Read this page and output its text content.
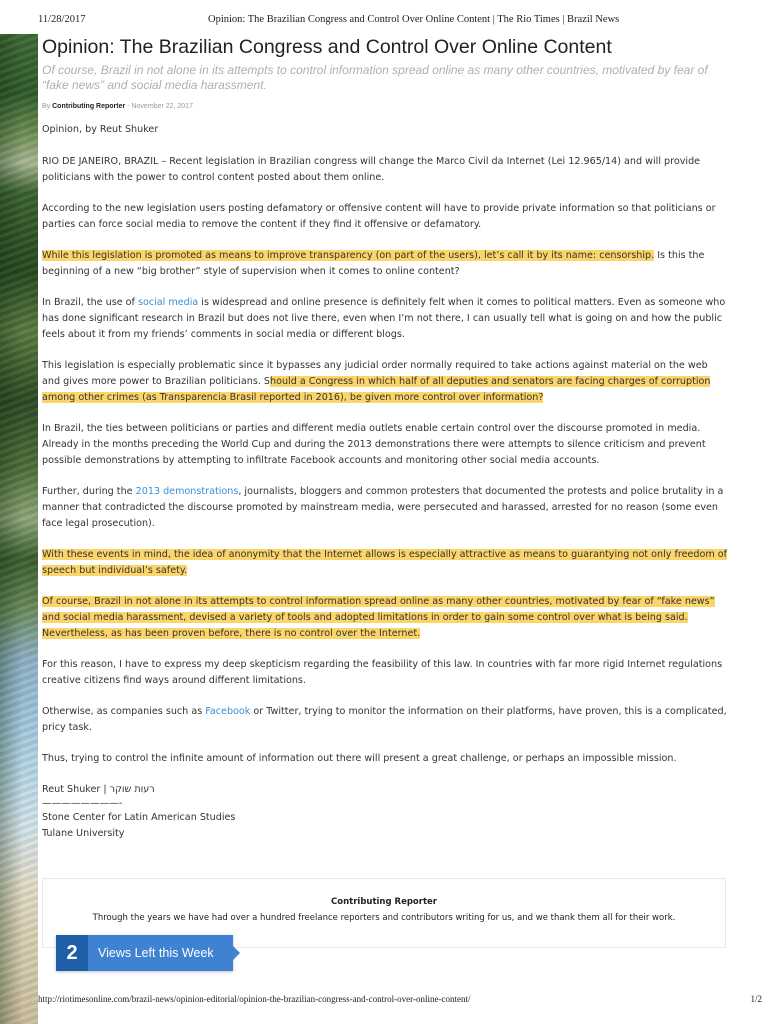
11/28/2017	Opinion: The Brazilian Congress and Control Over Online Content | The Rio Times | Brazil News
Opinion: The Brazilian Congress and Control Over Online Content

Of course, Brazil in not alone in its attempts to control information spread online as many other countries, motivated by fear of “fake news” and social media harassment.

By Contributing Reporter - November 22, 2017

Opinion, by Reut Shuker

RIO DE JANEIRO, BRAZIL – Recent legislation in Brazilian congress will change the Marco Civil da Internet (Lei 12.965/14) and will provide politicians with the power to control content posted about them online.

According to the new legislation users posting defamatory or offensive content will have to provide private information so that politicians or parties can force social media to remove the content if they find it offensive or defamatory.

While this legislation is promoted as means to improve transparency (on part of the users), let’s call it by its name: censorship. Is this the beginning of a new “big brother” style of supervision when it comes to online content?

In Brazil, the use of social media is widespread and online presence is definitely felt when it comes to political matters. Even as someone who has done significant research in Brazil but does not live there, even when I’m not there, I can usually tell what is going on and how the public feels about it from my friends’ comments in social media or different blogs.

This legislation is especially problematic since it bypasses any judicial order normally required to take actions against material on the web and gives more power to Brazilian politicians. Should a Congress in which half of all deputies and senators are facing charges of corruption among other crimes (as Transparencia Brasil reported in 2016), be given more control over information?

In Brazil, the ties between politicians or parties and different media outlets enable certain control over the discourse promoted in media. Already in the months preceding the World Cup and during the 2013 demonstrations there were attempts to silence criticism and prevent possible demonstrations by attempting to infiltrate Facebook accounts and monitoring other social media accounts.

Further, during the 2013 demonstrations, journalists, bloggers and common protesters that documented the protests and police brutality in a manner that contradicted the discourse promoted by mainstream media, were persecuted and harassed, arrested for no reason (some even face legal prosecution).

With these events in mind, the idea of anonymity that the Internet allows is especially attractive as means to guarantying not only freedom of speech but individual’s safety.

Of course, Brazil in not alone in its attempts to control information spread online as many other countries, motivated by fear of “fake news” and social media harassment, devised a variety of tools and adopted limitations in order to gain some control over what is being said. Nevertheless, as has been proven before, there is no control over the Internet.

For this reason, I have to express my deep skepticism regarding the feasibility of this law. In countries with far more rigid Internet regulations creative citizens find ways around different limitations.

Otherwise, as companies such as Facebook or Twitter, trying to monitor the information on their platforms, have proven, this is a complicated, pricy task.

Thus, trying to control the infinite amount of information out there will present a great challenge, or perhaps an impossible mission.

Reut Shuker | רעות שוקר

————————-

Stone Center for Latin American Studies

Tulane University

Contributing Reporter
Through the years we have had over a hundred freelance reporters and contributors writing for us, and we thank them all for their work.
2	Views Left this Week
http://riotimesonline.com/brazil-news/opinion-editorial/opinion-the-brazilian-congress-and-control-over-online-content/	1/2
